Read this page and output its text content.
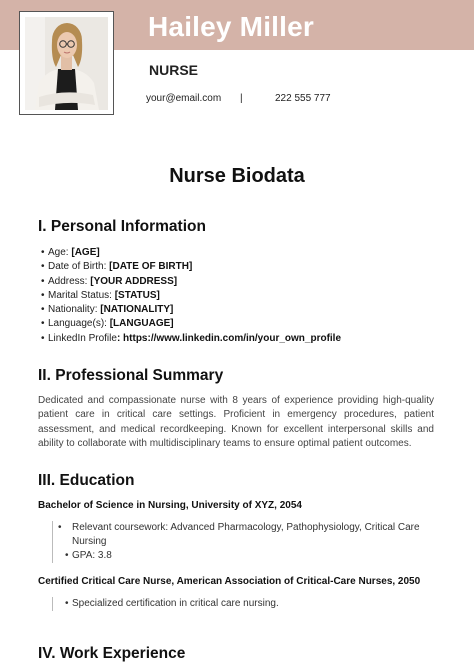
Hailey Miller
NURSE
your@email.com |	222 555 777
Nurse Biodata
I. Personal Information
• Age: [AGE]
• Date of Birth: [DATE OF BIRTH]
• Address: [YOUR ADDRESS]
• Marital Status: [STATUS]
• Nationality: [NATIONALITY]
• Language(s): [LANGUAGE]
• LinkedIn Profile: https://www.linkedin.com/in/your_own_profile
II. Professional Summary

Dedicated and compassionate nurse with 8 years of experience providing high-quality patient care in critical care settings. Proficient in emergency procedures, patient assessment, and medical recordkeeping. Known for excellent interpersonal skills and ability to collaborate with multidisciplinary teams to ensure optimal patient outcomes.

III. Education
Bachelor of Science in Nursing, University of XYZ, 2054
• Relevant coursework: Advanced Pharmacology, Pathophysiology, Critical Care Nursing
• GPA: 3.8
Certified Critical Care Nurse, American Association of Critical-Care Nurses, 2050
• Specialized certification in critical care nursing.
IV. Work Experience
